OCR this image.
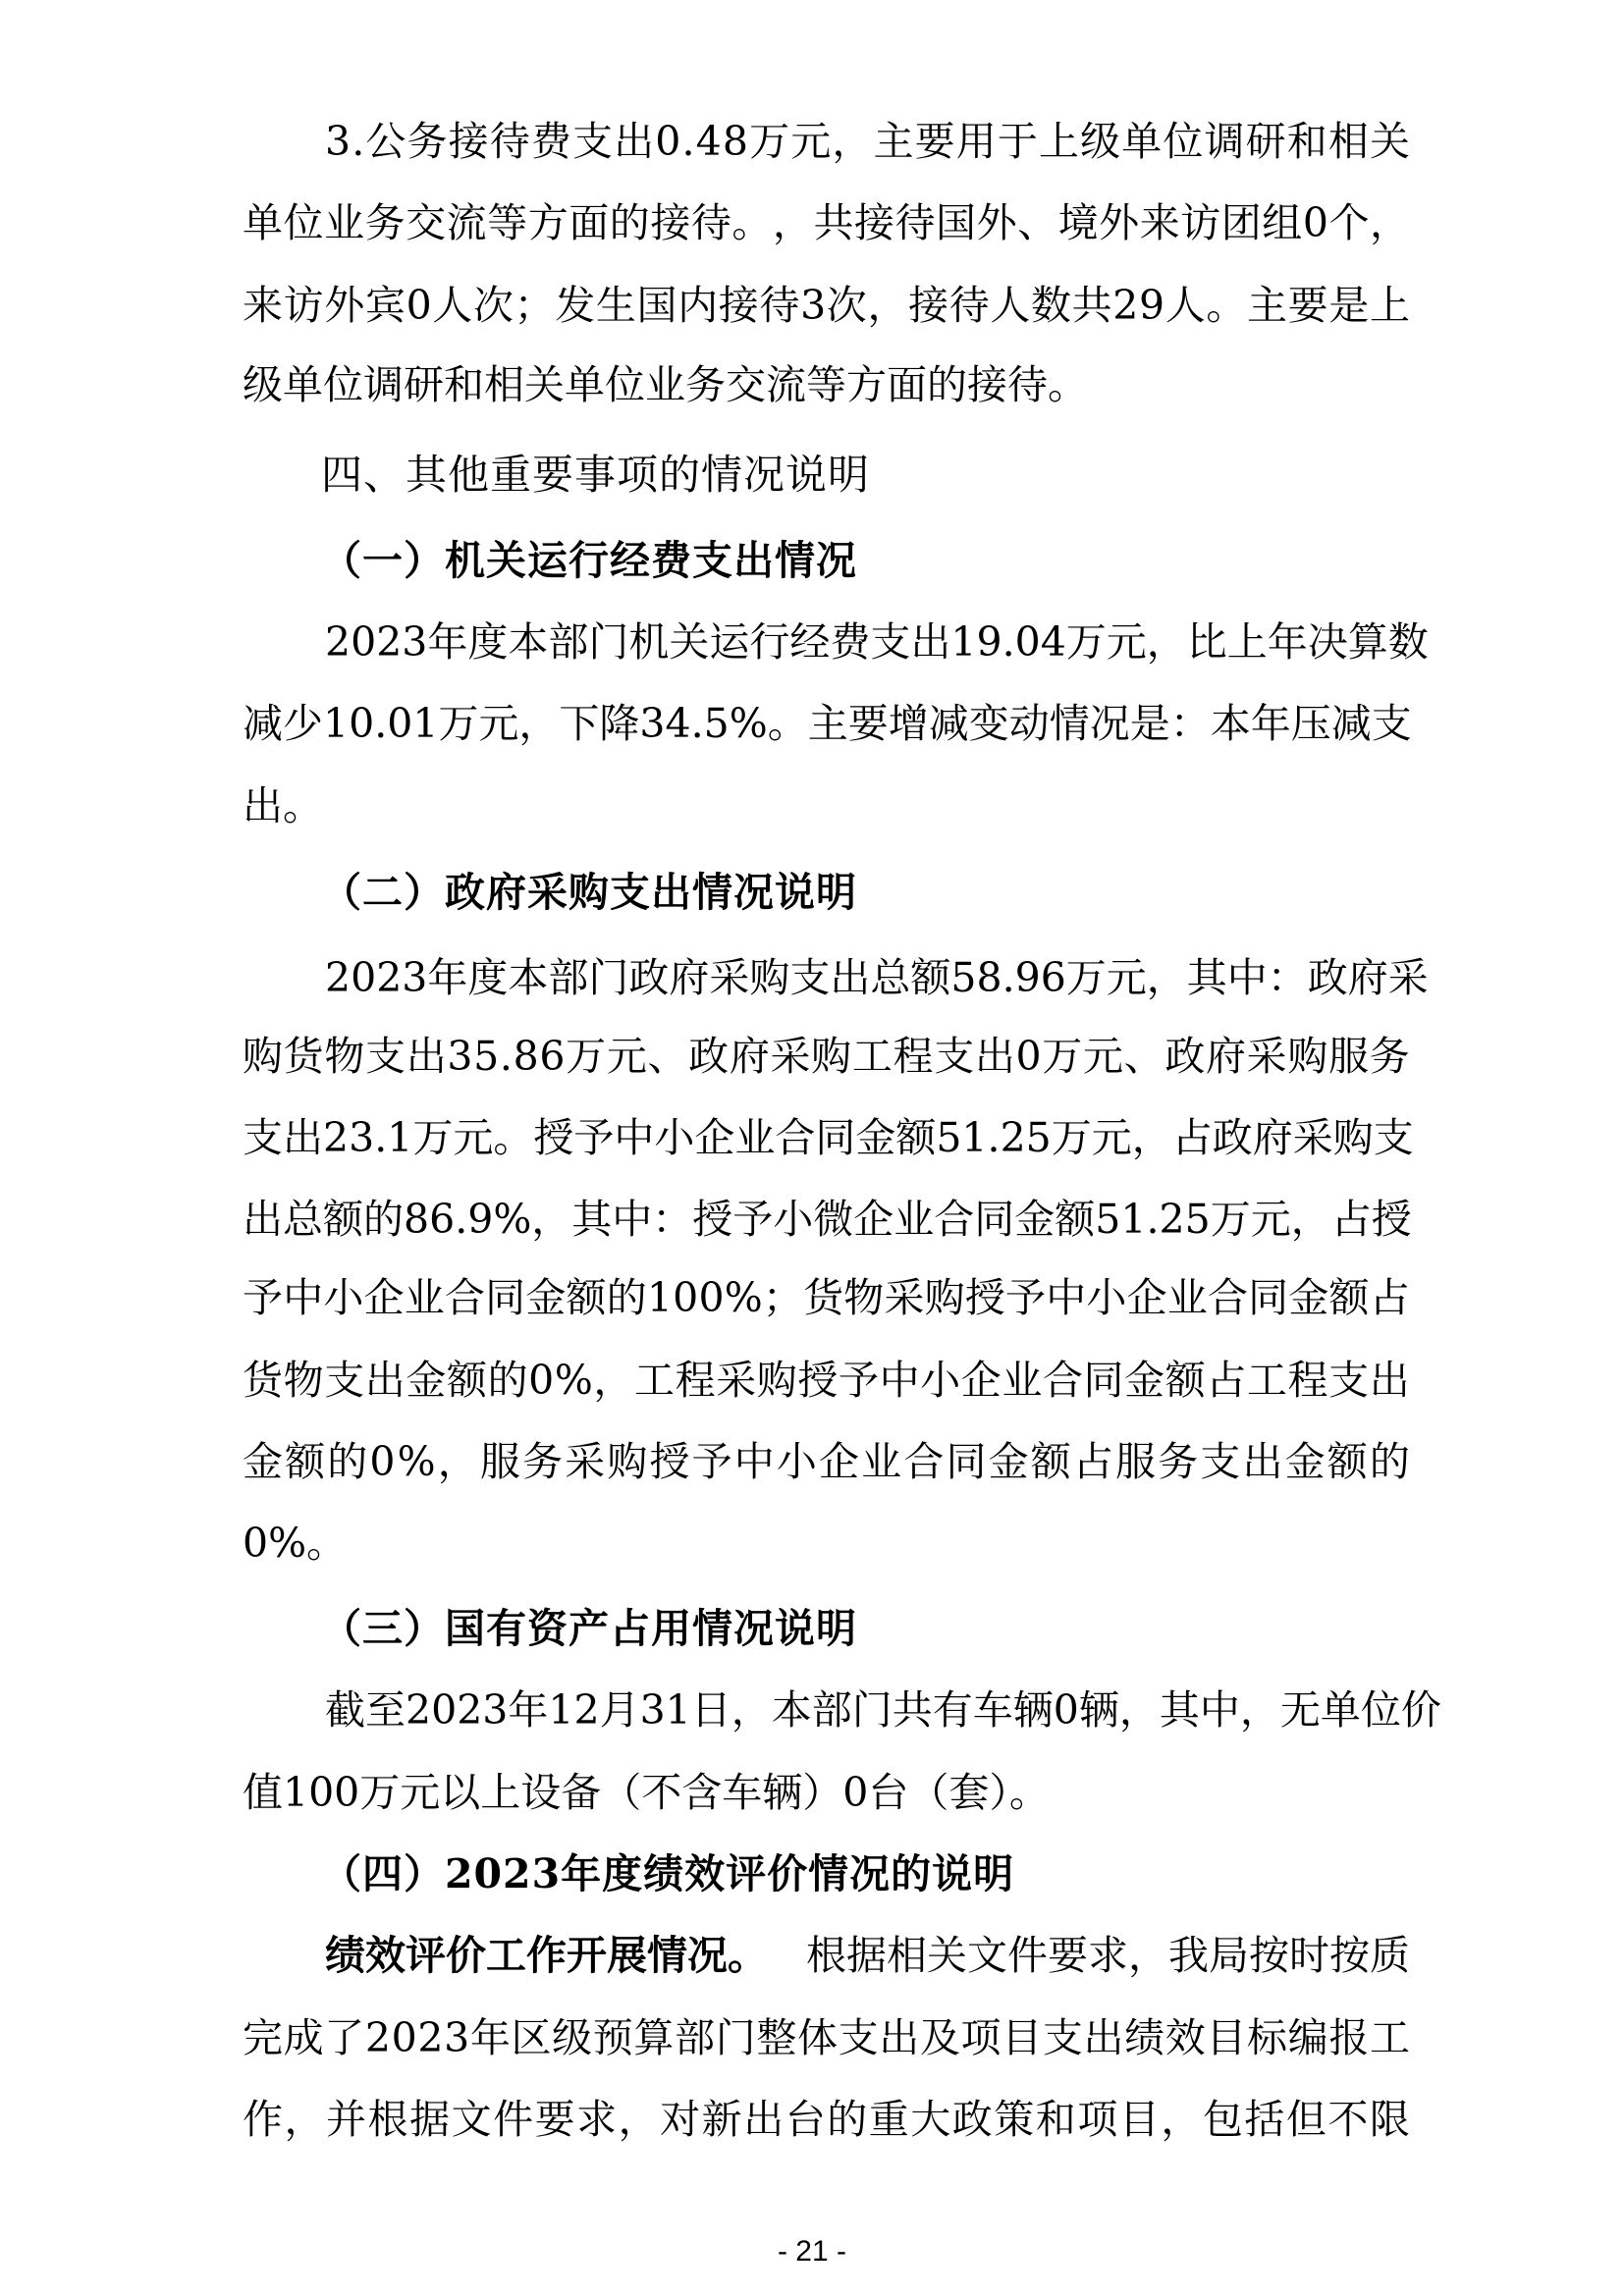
3 . 公 务 接 待 费 支 出 0 . 4 8 万 元 ， 主 要 用 于 上 级 单 位 调 研 和 相 关
单 位 业 务 交 流 等 方 面 的 接 待 。 ， 共 接 待 国 外 、 境 外 来 访 团 组 0 个 ，
来 访 外 宾 0 人 次 ； 发 生 国 内 接 待 3 次 ， 接 待 人 数 共 2 9 人 。 主 要 是 上
级单位调研和相关单位业务交流等方面的接待。
四、其他重要事项的情况说明
（一）机关运行经费支出情况
2 0 2 3 年 度 本 部 门 机 关 运 行 经 费 支 出 1 9 . 0 4 万 元 ， 比 上 年 决 算 数
减 少 1 0 . 0 1 万 元 ， 下 降 3 4 . 5 % 。 主 要 增 减 变 动 情 况 是 ： 本 年 压 减 支
出。
（二）政府采购支出情况说明
2 0 2 3 年 度 本 部 门 政 府 采 购 支 出 总 额 5 8 . 9 6 万 元 ， 其 中 ： 政 府 采
购 货 物 支 出 3 5 . 8 6 万 元 、 政 府 采 购 工 程 支 出 0 万 元 、 政 府 采 购 服 务
支 出 2 3 . 1 万 元 。 授 予 中 小 企 业 合 同 金 额 5 1 . 2 5 万 元 ， 占 政 府 采 购 支
出 总 额 的 8 6 . 9 % ， 其 中 ： 授 予 小 微 企 业 合 同 金 额 5 1 . 2 5 万 元 ， 占 授
予 中 小 企 业 合 同 金 额 的 1 0 0 % ； 货 物 采 购 授 予 中 小 企 业 合 同 金 额 占
货 物 支 出 金 额 的 0 % ， 工 程 采 购 授 予 中 小 企 业 合 同 金 额 占 工 程 支 出
金 额 的 0 % ， 服 务 采 购 授 予 中 小 企 业 合 同 金 额 占 服 务 支 出 金 额 的
0%。
（三）国有资产占用情况说明
截 至 2 0 2 3 年 1 2 月 3 1 日 ， 本 部 门 共 有 车 辆 0 辆 ， 其 中 ， 无 单 位 价
值100万元以上设备（不含车辆）0台（套）。
（四）2023年度绩效评价情况的说明
绩效评价工作开展情况。 根据相关文件要求，我局按时按质
完 成 了 2 0 2 3 年 区 级 预 算 部 门 整 体 支 出 及 项 目 支 出 绩 效 目 标 编 报 工
作 ， 并 根 据 文 件 要 求 ， 对 新 出 台 的 重 大 政 策 和 项 目 ， 包 括 但 不 限
- 21 -
